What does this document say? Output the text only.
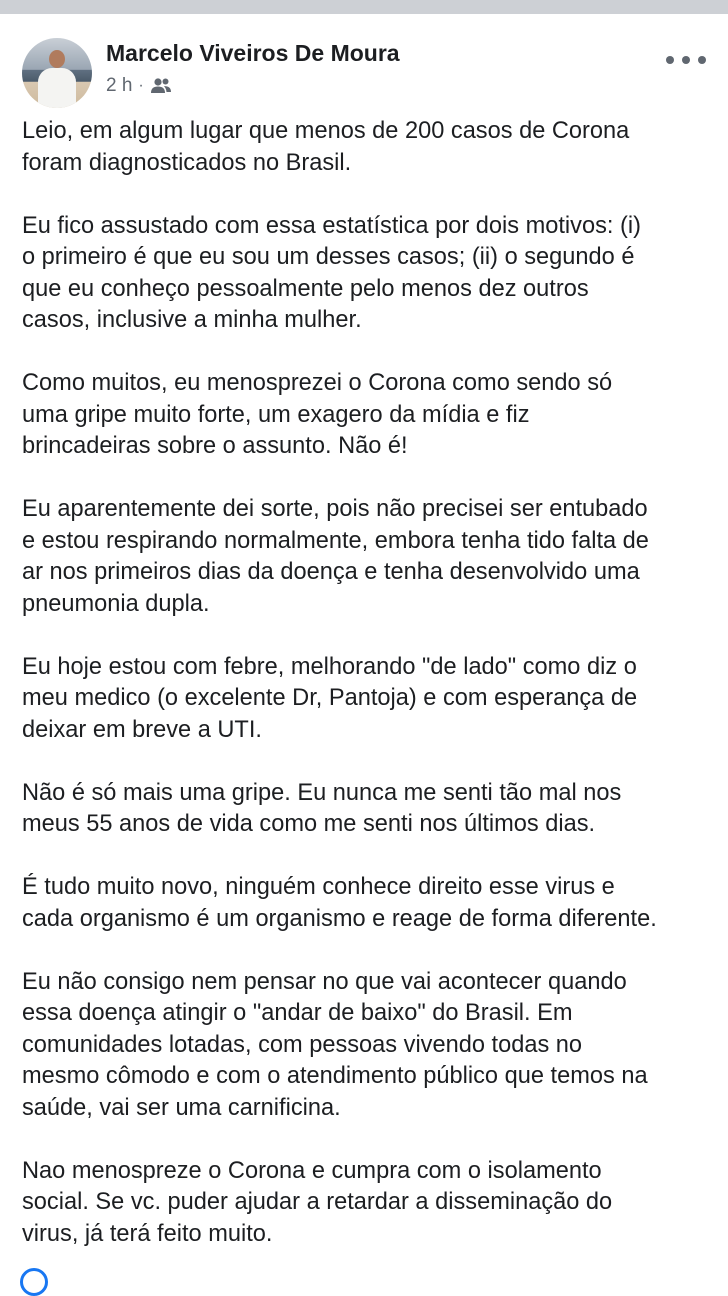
Marcelo Viveiros De Moura
2 h ·

Leio, em algum lugar que menos de 200 casos de Corona
foram diagnosticados no Brasil.

Eu fico assustado com essa estatística por dois motivos: (i)
o primeiro é que eu sou um desses casos; (ii) o segundo é
que eu conheço pessoalmente pelo menos dez outros
casos, inclusive a minha mulher.

Como muitos, eu menosprezei o Corona como sendo só
uma gripe muito forte, um exagero da mídia e fiz
brincadeiras sobre o assunto. Não é!

Eu aparentemente dei sorte, pois não precisei ser entubado
e estou respirando normalmente, embora tenha tido falta de
ar nos primeiros dias da doença e tenha desenvolvido uma
pneumonia dupla.

Eu hoje estou com febre, melhorando "de lado" como diz o
meu medico (o excelente Dr, Pantoja) e com esperança de
deixar em breve a UTI.

Não é só mais uma gripe. Eu nunca me senti tão mal nos
meus 55 anos de vida como me senti nos últimos dias.

É tudo muito novo, ninguém conhece direito esse virus e
cada organismo é um organismo e reage de forma diferente.

Eu não consigo nem pensar no que vai acontecer quando
essa doença atingir o "andar de baixo" do Brasil. Em
comunidades lotadas, com pessoas vivendo todas no
mesmo cômodo e com o atendimento público que temos na
saúde, vai ser uma carnificina.

Nao menospreze o Corona e cumpra com o isolamento
social. Se vc. puder ajudar a retardar a disseminação do
virus, já terá feito muito.
